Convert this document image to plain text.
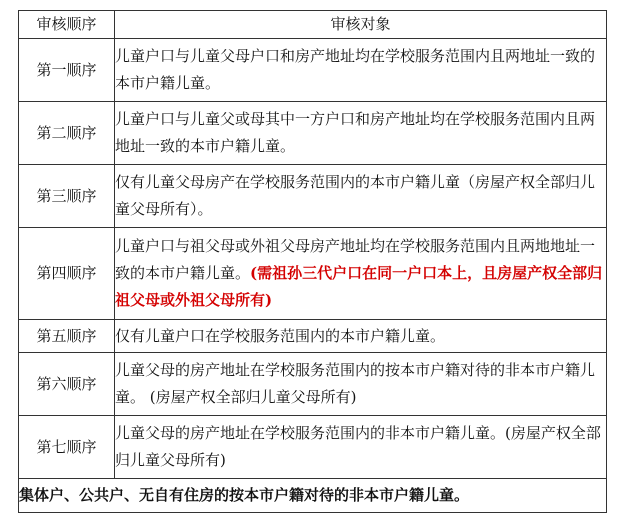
审核顺序	审核对象
第一顺序	儿童户口与儿童父母户口和房产地址均在学校服务范围内且两地址一致的本市户籍儿童。
第二顺序	儿童户口与儿童父或母其中一方户口和房产地址均在学校服务范围内且两地址一致的本市户籍儿童。
第三顺序	仅有儿童父母房产在学校服务范围内的本市户籍儿童（房屋产权全部归儿童父母所有）。
第四顺序	儿童户口与祖父母或外祖父母房产地址均在学校服务范围内且两地地址一致的本市户籍儿童。(需祖孙三代户口在同一户口本上，且房屋产权全部归祖父母或外祖父母所有)
第五顺序	仅有儿童户口在学校服务范围内的本市户籍儿童。
第六顺序	儿童父母的房产地址在学校服务范围内的按本市户籍对待的非本市户籍儿童。 (房屋产权全部归儿童父母所有)
第七顺序	儿童父母的房产地址在学校服务范围内的非本市户籍儿童。(房屋产权全部归儿童父母所有)
集体户、公共户、无自有住房的按本市户籍对待的非本市户籍儿童。	
